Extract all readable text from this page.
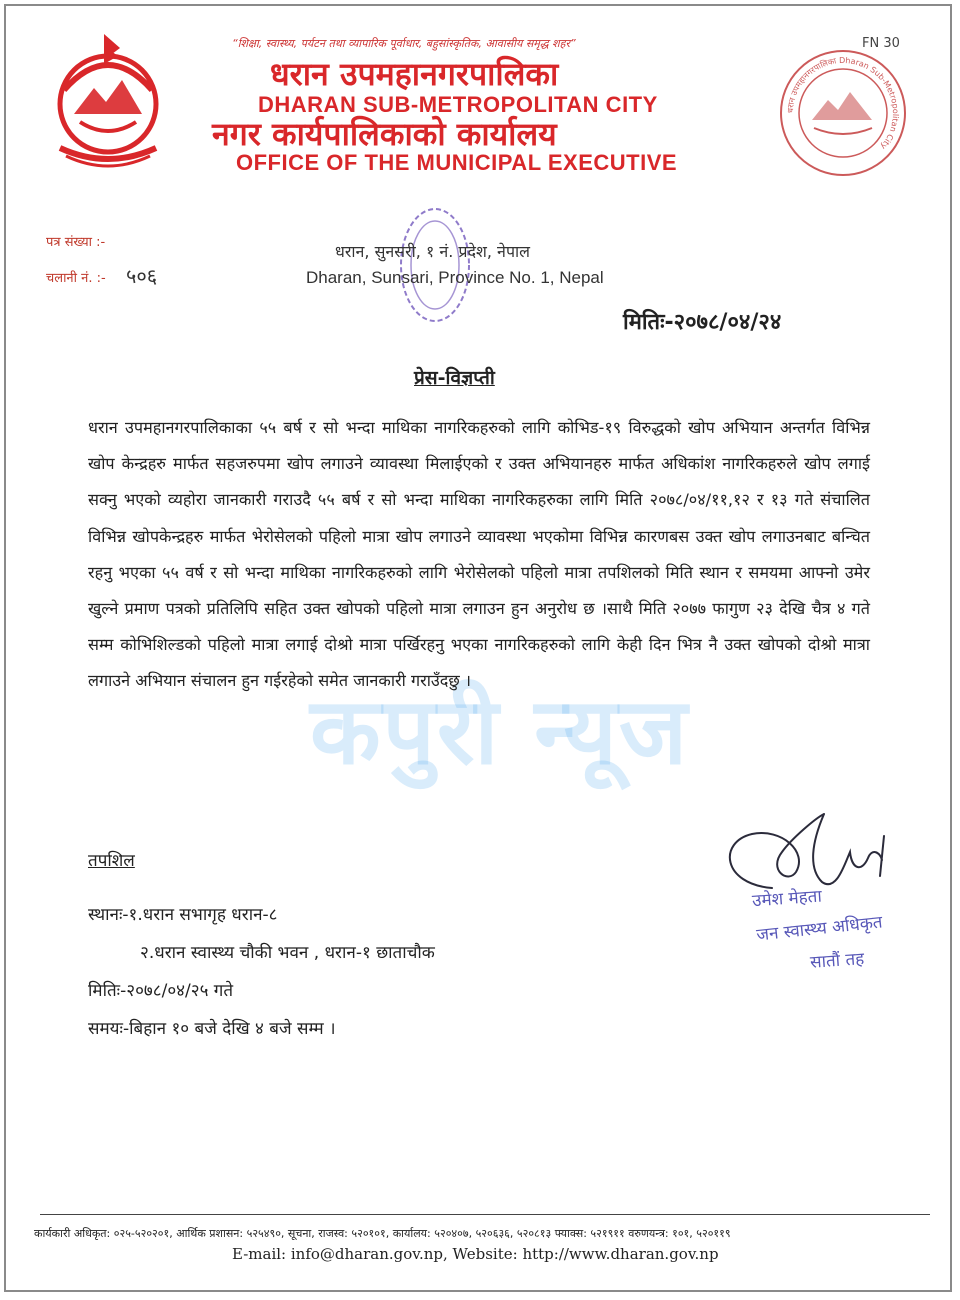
“शिक्षा, स्वास्थ्य, पर्यटन तथा व्यापारिक पूर्वाधार, बहुसांस्कृतिक, आवासीय समृद्ध शहर”	FN 30
धरान उपमहानगरपालिका
DHARAN SUB-METROPOLITAN CITY
नगर कार्यपालिकाको कार्यालय
OFFICE OF THE MUNICIPAL EXECUTIVE
धरान उपमहानगरपालिका Dharan Sub-Metropolitan City
पत्र संख्या :-
चलानी नं. :- ५०६
धरान, सुनसरी, १ नं. प्रदेश, नेपाल
Dharan, Sunsari, Province No. 1, Nepal
मितिः-२०७८/०४/२४
प्रेस-विज्ञप्ती
कपुरी न्यूज
धरान उपमहानगरपालिकाका ५५ बर्ष र सो भन्दा माथिका नागरिकहरुको लागि कोभिड-१९ विरुद्धको खोप अभियान अन्तर्गत विभिन्न खोप केन्द्रहरु मार्फत सहजरुपमा खोप लगाउने व्यावस्था मिलाईएको र उक्त अभियानहरु मार्फत अधिकांश नागरिकहरुले खोप लगाई सक्नु भएको व्यहोरा जानकारी गराउदै ५५ बर्ष र सो भन्दा माथिका नागरिकहरुका लागि मिति २०७८/०४/११,१२ र १३ गते संचालित विभिन्न खोपकेन्द्रहरु मार्फत भेरोसेलको पहिलो मात्रा खोप लगाउने व्यावस्था भएकोमा विभिन्न कारणबस उक्त खोप लगाउनबाट बन्चित रहनु भएका ५५ वर्ष र सो भन्दा माथिका नागरिकहरुको लागि भेरोसेलको पहिलो मात्रा तपशिलको मिति स्थान र समयमा आफ्नो उमेर खुल्ने प्रमाण पत्रको प्रतिलिपि सहित उक्त खोपको पहिलो मात्रा लगाउन हुन अनुरोध छ ।साथै मिति २०७७ फागुण २३ देखि चैत्र ४ गते सम्म कोभिशिल्डको पहिलो मात्रा लगाई दोश्रो मात्रा पर्खिरहनु भएका नागरिकहरुको लागि केही दिन भित्र नै उक्त खोपको दोश्रो मात्रा लगाउने अभियान संचालन हुन गईरहेको समेत जानकारी गराउँदछु ।
तपशिल
स्थानः-१.धरान सभागृह धरान-८
२.धरान स्वास्थ्य चौकी भवन , धरान-१ छाताचौक
मितिः-२०७८/०४/२५ गते
समयः-बिहान १० बजे देखि ४ बजे सम्म ।
उमेश मेहता
जन स्वास्थ्य अधिकृत
सातौं तह
कार्यकारी अधिकृत: ०२५-५२०२०१, आर्थिक प्रशासन: ५२५४९०, सूचना, राजस्व: ५२०१०१, कार्यालय: ५२०४०७, ५२०६३६, ५२०८१३ फ्याक्स: ५२१९११ वरुणयन्त्र: १०१, ५२०११९
E-mail: info@dharan.gov.np, Website: http://www.dharan.gov.np
